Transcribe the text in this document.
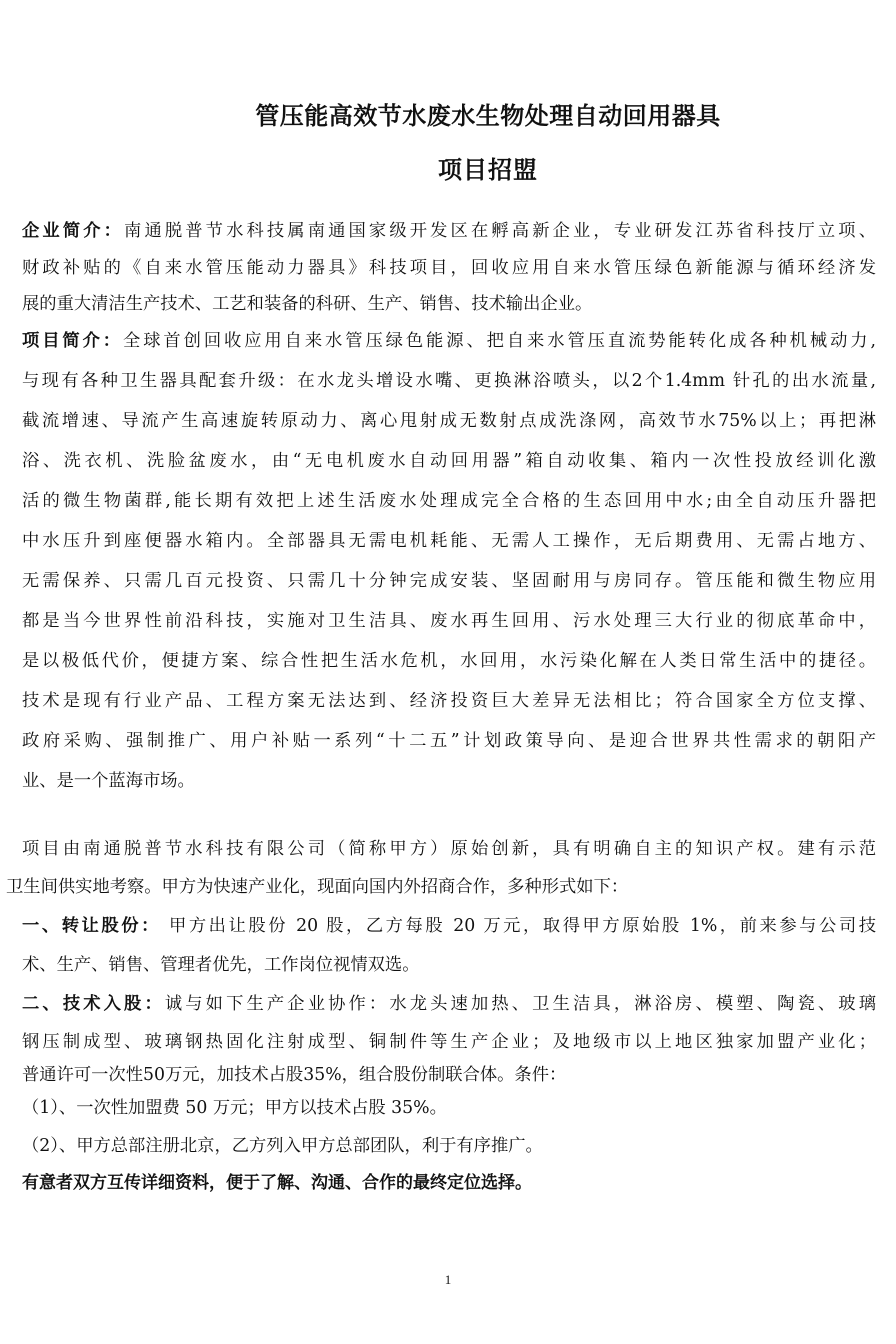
管压能高效节水废水生物处理自动回用器具
项目招盟
企业简介：南通脱普节水科技属南通国家级开发区在孵高新企业，专业研发江苏省科技厅立项、
财政补贴的《自来水管压能动力器具》科技项目，回收应用自来水管压绿色新能源与循环经济发
展的重大清洁生产技术、工艺和装备的科研、生产、销售、技术输出企业。
项目简介：全球首创回收应用自来水管压绿色能源、把自来水管压直流势能转化成各种机械动力,
与现有各种卫生器具配套升级：在水龙头增设水嘴、更换淋浴喷头，以2个1.4mm 针孔的出水流量,
截流增速、导流产生高速旋转原动力、离心甩射成无数射点成洗涤网，高效节水75%以上；再把淋
浴、洗衣机、洗脸盆废水，由“无电机废水自动回用器”箱自动收集、箱内一次性投放经训化激
活的微生物菌群,能长期有效把上述生活废水处理成完全合格的生态回用中水;由全自动压升器把
中水压升到座便器水箱内。全部器具无需电机耗能、无需人工操作，无后期费用、无需占地方、
无需保养、只需几百元投资、只需几十分钟完成安装、坚固耐用与房同存。管压能和微生物应用
都是当今世界性前沿科技，实施对卫生洁具、废水再生回用、污水处理三大行业的彻底革命中，
是以极低代价，便捷方案、综合性把生活水危机，水回用，水污染化解在人类日常生活中的捷径。
技术是现有行业产品、工程方案无法达到、经济投资巨大差异无法相比；符合国家全方位支撑、
政府采购、强制推广、用户补贴一系列“十二五”计划政策导向、是迎合世界共性需求的朝阳产
业、是一个蓝海市场。
项目由南通脱普节水科技有限公司（简称甲方）原始创新，具有明确自主的知识产权。建有示范
卫生间供实地考察。甲方为快速产业化，现面向国内外招商合作，多种形式如下：
一、转让股份： 甲方出让股份 20 股，乙方每股 20 万元，取得甲方原始股 1%，前来参与公司技
术、生产、销售、管理者优先，工作岗位视情双选。
二、技术入股：诚与如下生产企业协作：水龙头速加热、卫生洁具，淋浴房、模塑、陶瓷、玻璃
钢压制成型、玻璃钢热固化注射成型、铜制件等生产企业；及地级市以上地区独家加盟产业化；
普通许可一次性50万元，加技术占股35%，组合股份制联合体。条件：
（1）、一次性加盟费 50 万元；甲方以技术占股 35%。
（2）、甲方总部注册北京，乙方列入甲方总部团队，利于有序推广。
有意者双方互传详细资料，便于了解、沟通、合作的最终定位选择。
1
